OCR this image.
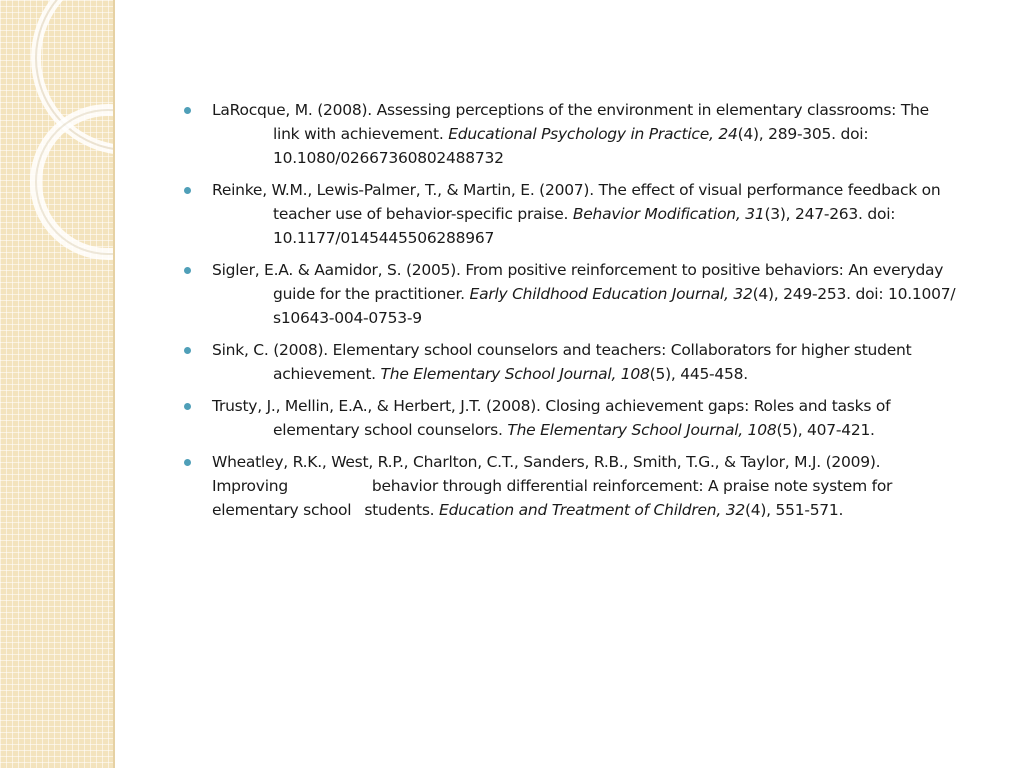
LaRocque, M. (2008). Assessing perceptions of the environment in elementary classrooms: The
link with achievement. Educational Psychology in Practice, 24(4), 289-305. doi:
10.1080/02667360802488732
Reinke, W.M., Lewis-Palmer, T., & Martin, E. (2007). The effect of visual performance feedback on
teacher use of behavior-specific praise. Behavior Modification, 31(3), 247-263. doi:
10.1177/0145445506288967
Sigler, E.A. & Aamidor, S. (2005). From positive reinforcement to positive behaviors: An everyday
guide for the practitioner. Early Childhood Education Journal, 32(4), 249-253. doi: 10.1007/
s10643-004-0753-9
Sink, C. (2008). Elementary school counselors and teachers: Collaborators for higher student
achievement. The Elementary School Journal, 108(5), 445-458.
Trusty, J., Mellin, E.A., & Herbert, J.T. (2008). Closing achievement gaps: Roles and tasks of
elementary school counselors. The Elementary School Journal, 108(5), 407-421.
Wheatley, R.K., West, R.P., Charlton, C.T., Sanders, R.B., Smith, T.G., & Taylor, M.J. (2009).
Improving	behavior through differential reinforcement: A praise note system for
elementary school students. Education and Treatment of Children, 32(4), 551-571.
